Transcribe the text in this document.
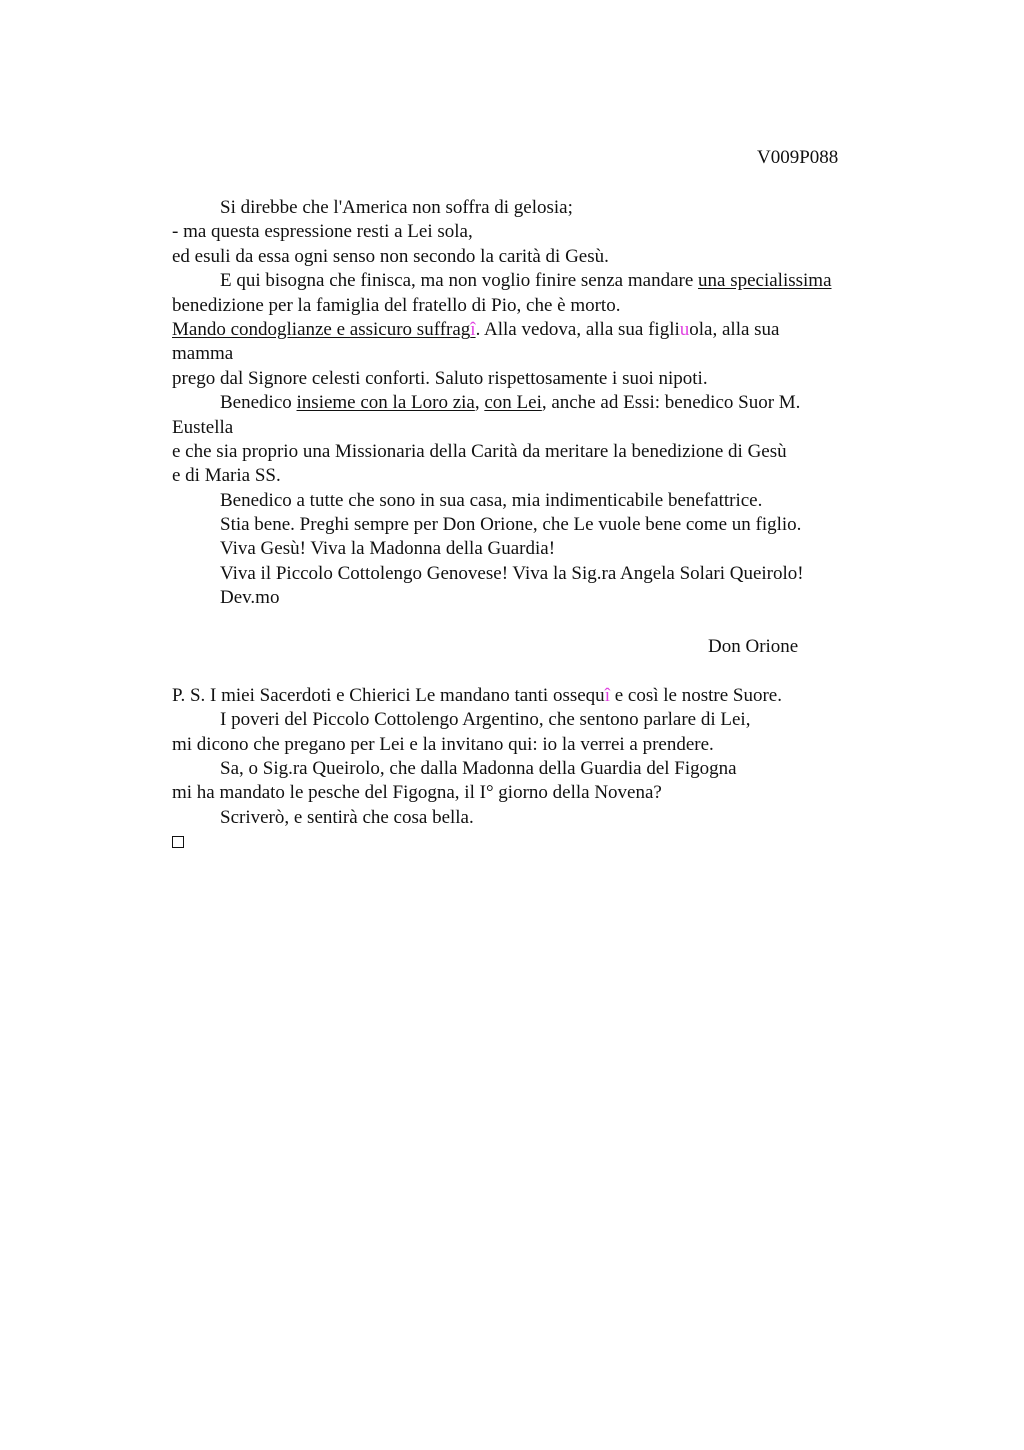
V009P088
Si direbbe che l'America non soffra di gelosia;
- ma questa espressione resti a Lei sola,
ed esuli da essa ogni senso non secondo la carità di Gesù.
E qui bisogna che finisca, ma non voglio finire senza mandare una specialissima
benedizione per la famiglia del fratello di Pio, che è morto.
Mando condoglianze e assicuro suffragî. Alla vedova, alla sua figliuola, alla sua
mamma
prego dal Signore celesti conforti. Saluto rispettosamente i suoi nipoti.
Benedico insieme con la Loro zia, con Lei, anche ad Essi: benedico Suor M.
Eustella
e che sia proprio una Missionaria della Carità da meritare la benedizione di Gesù
e di Maria SS.
Benedico a tutte che sono in sua casa, mia indimenticabile benefattrice.
Stia bene. Preghi sempre per Don Orione, che Le vuole bene come un figlio.
Viva Gesù! Viva la Madonna della Guardia!
Viva il Piccolo Cottolengo Genovese! Viva la Sig.ra Angela Solari Queirolo!
Dev.mo
Don Orione
P. S. I miei Sacerdoti e Chierici Le mandano tanti ossequî e così le nostre Suore.
I poveri del Piccolo Cottolengo Argentino, che sentono parlare di Lei,
mi dicono che pregano per Lei e la invitano qui: io la verrei a prendere.
Sa, o Sig.ra Queirolo, che dalla Madonna della Guardia del Figogna
mi ha mandato le pesche del Figogna, il I° giorno della Novena?
Scriverò, e sentirà che cosa bella.
